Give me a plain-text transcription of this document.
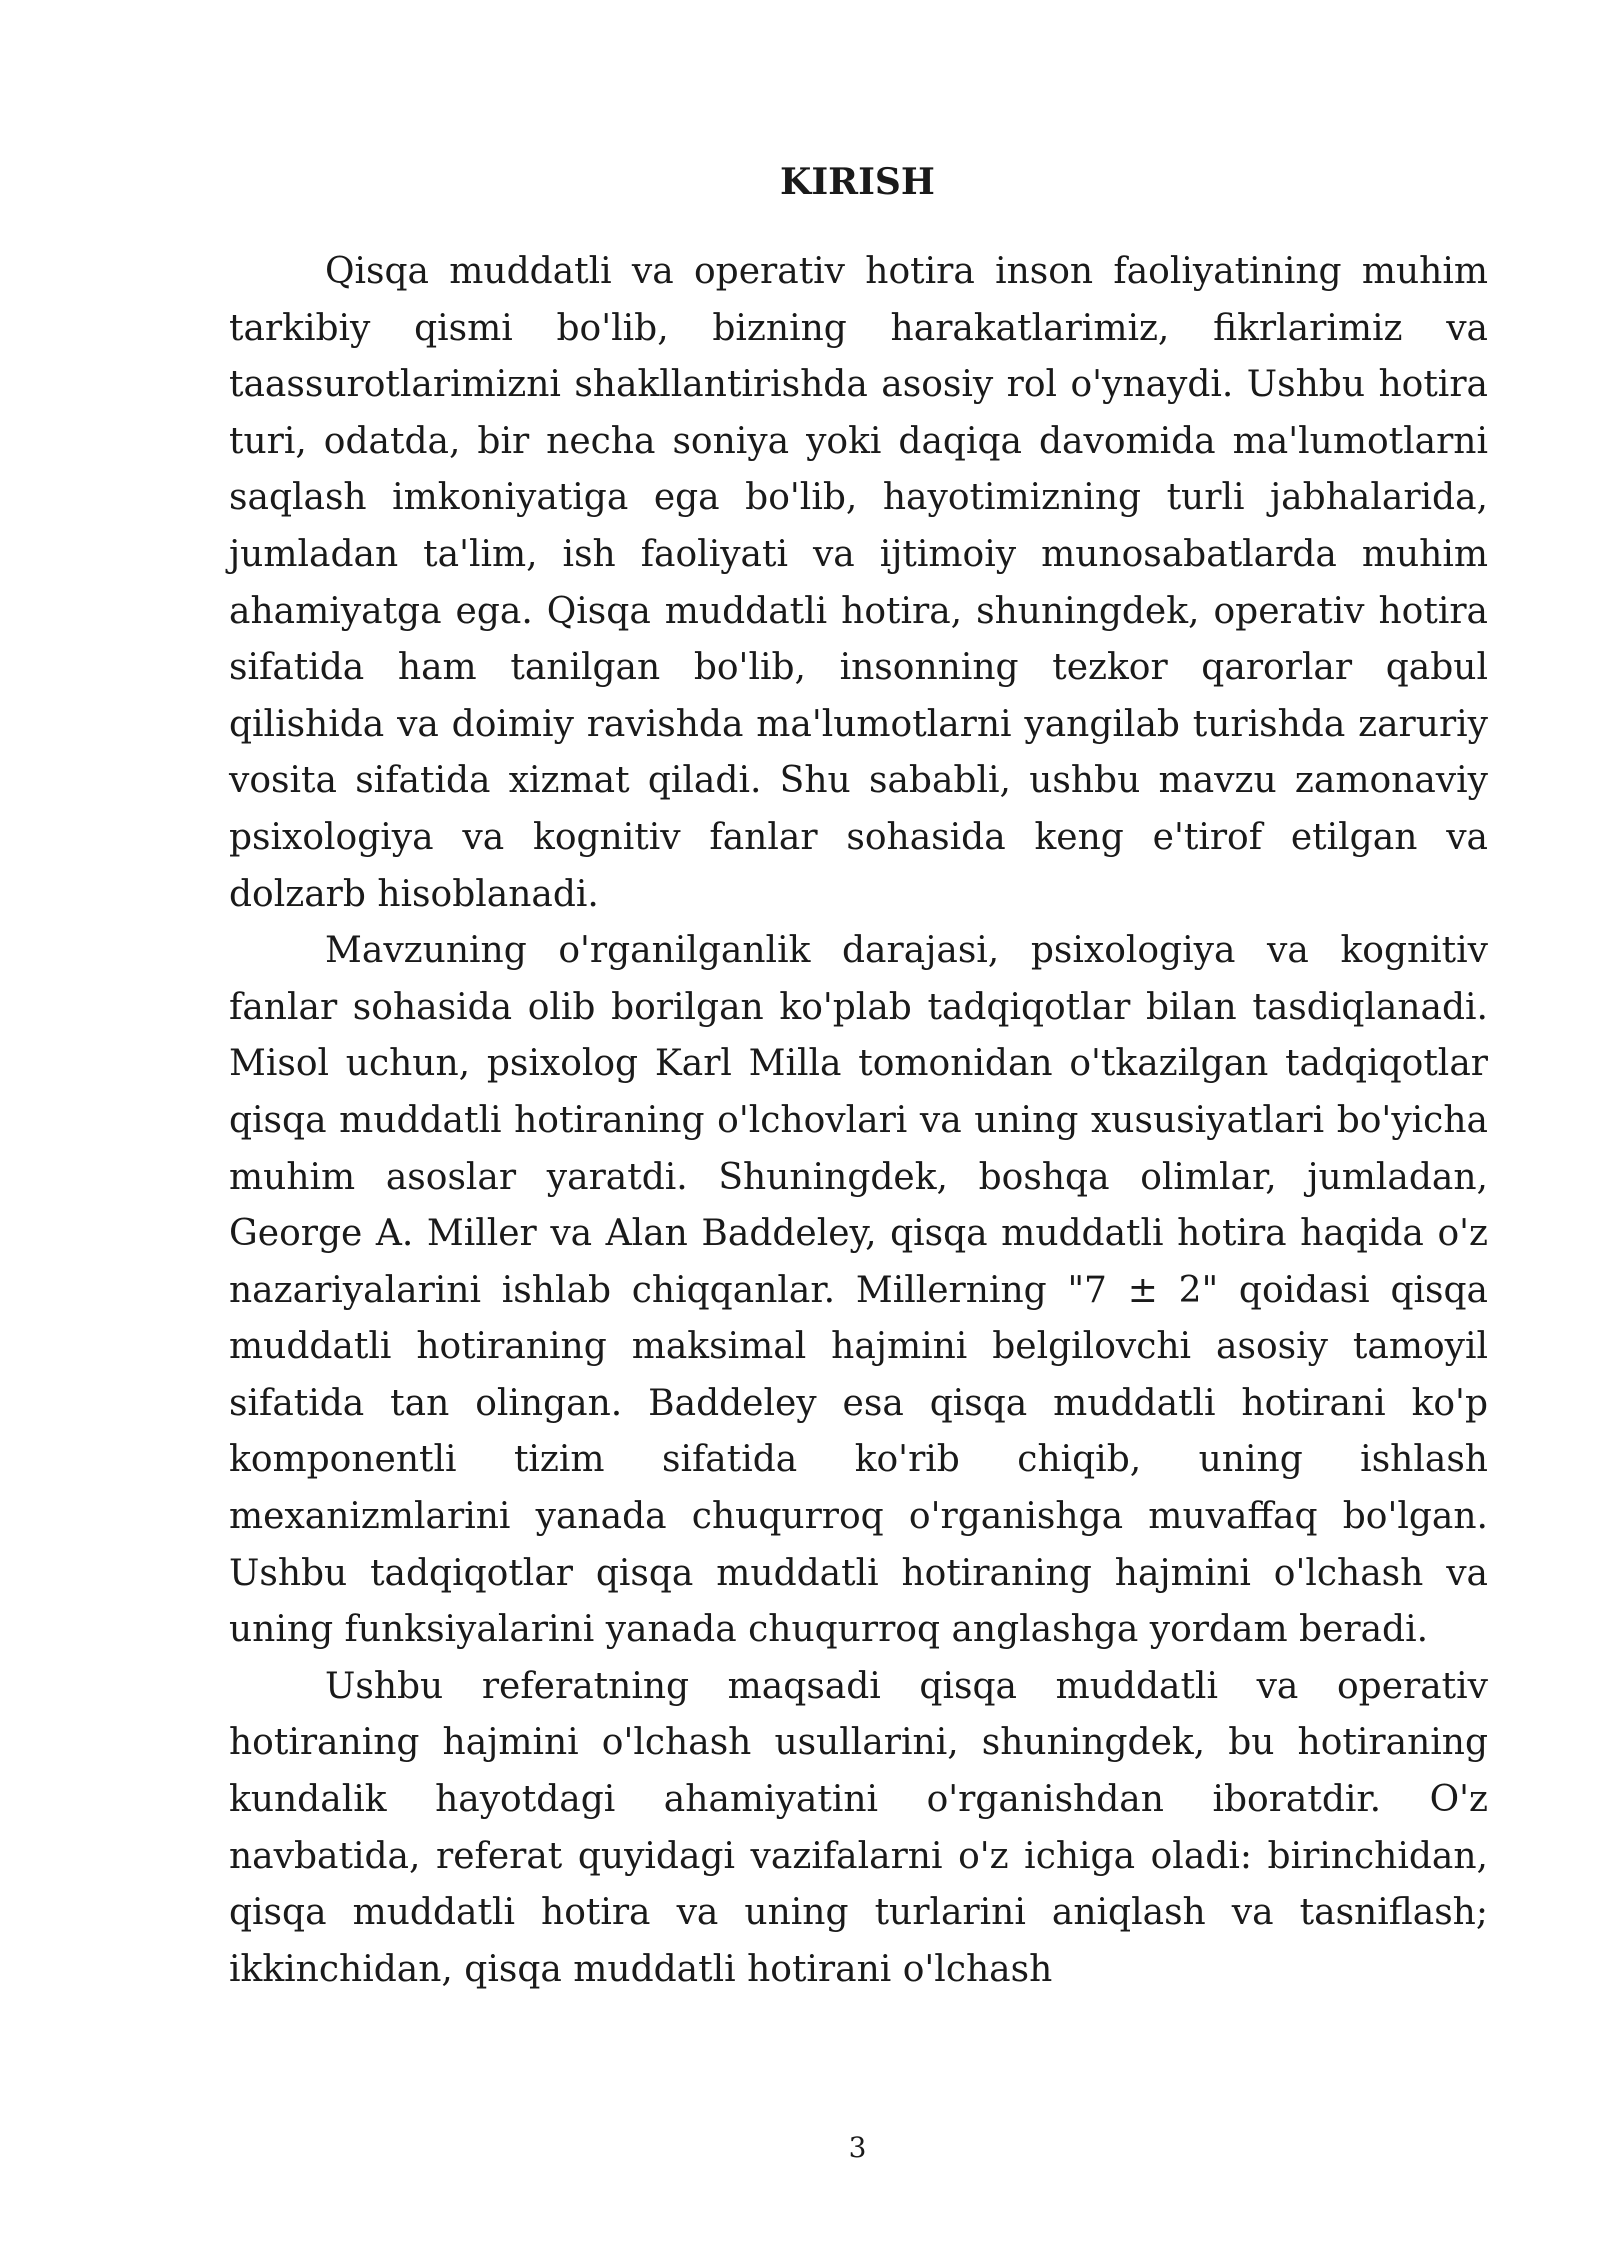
KIRISH

Qisqa muddatli va operativ hotira inson faoliyatining muhim tarkibiy qismi bo'lib, bizning harakatlarimiz, fikrlarimiz va taassurotlarimizni shakllantirishda asosiy rol o'ynaydi. Ushbu hotira turi, odatda, bir necha soniya yoki daqiqa davomida ma'lumotlarni saqlash imkoniyatiga ega bo'lib, hayotimizning turli jabhalarida, jumladan ta'lim, ish faoliyati va ijtimoiy munosabatlarda muhim ahamiyatga ega. Qisqa muddatli hotira, shuningdek, operativ hotira sifatida ham tanilgan bo'lib, insonning tezkor qarorlar qabul qilishida va doimiy ravishda ma'lumotlarni yangilab turishda zaruriy vosita sifatida xizmat qiladi. Shu sababli, ushbu mavzu zamonaviy psixologiya va kognitiv fanlar sohasida keng e'tirof etilgan va dolzarb hisoblanadi.

Mavzuning o'rganilganlik darajasi, psixologiya va kognitiv fanlar sohasida olib borilgan ko'plab tadqiqotlar bilan tasdiqlanadi. Misol uchun, psixolog Karl Milla tomonidan o'tkazilgan tadqiqotlar qisqa muddatli hotiraning o'lchovlari va uning xususiyatlari bo'yicha muhim asoslar yaratdi. Shuningdek, boshqa olimlar, jumladan, George A. Miller va Alan Baddeley, qisqa muddatli hotira haqida o'z nazariyalarini ishlab chiqqanlar. Millerning "7 ± 2" qoidasi qisqa muddatli hotiraning maksimal hajmini belgilovchi asosiy tamoyil sifatida tan olingan. Baddeley esa qisqa muddatli hotirani ko'p komponentli tizim sifatida ko'rib chiqib, uning ishlash mexanizmlarini yanada chuqurroq o'rganishga muvaffaq bo'lgan. Ushbu tadqiqotlar qisqa muddatli hotiraning hajmini o'lchash va uning funksiyalarini yanada chuqurroq anglashga yordam beradi.

Ushbu referatning maqsadi qisqa muddatli va operativ hotiraning hajmini o'lchash usullarini, shuningdek, bu hotiraning kundalik hayotdagi ahamiyatini o'rganishdan iboratdir. O'z navbatida, referat quyidagi vazifalarni o'z ichiga oladi: birinchidan, qisqa muddatli hotira va uning turlarini aniqlash va tasniflash; ikkinchidan, qisqa muddatli hotirani o'lchash

3
